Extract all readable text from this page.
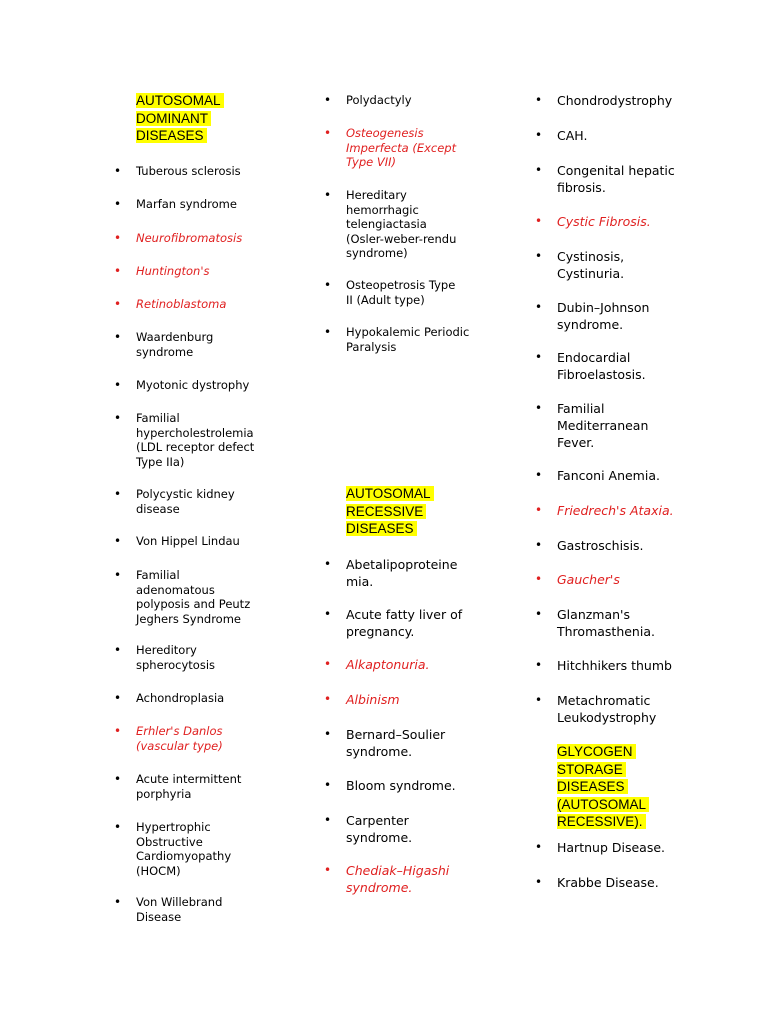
AUTOSOMAL
DOMINANT
DISEASES
• Tuberous sclerosis
• Marfan syndrome
• Neurofibromatosis
• Huntington's
• Retinoblastoma
• Waardenburg
syndrome
• Myotonic dystrophy
• Familial
hypercholestrolemia
(LDL receptor defect
Type IIa)
• Polycystic kidney
disease
• Von Hippel Lindau
• Familial
adenomatous
polyposis and Peutz
Jeghers Syndrome
• Hereditory
spherocytosis
• Achondroplasia
• Erhler's Danlos
(vascular type)
• Acute intermittent
porphyria
• Hypertrophic
Obstructive
Cardiomyopathy
(HOCM)
• Von Willebrand
Disease
• Polydactyly
• Osteogenesis
Imperfecta (Except
Type VII)
• Hereditary
hemorrhagic
telengiactasia
(Osler-weber-rendu
syndrome)
• Osteopetrosis Type
II (Adult type)
• Hypokalemic Periodic
Paralysis
AUTOSOMAL
RECESSIVE
DISEASES
• Abetalipoproteine
mia.
• Acute fatty liver of
pregnancy.
• Alkaptonuria.
• Albinism
• Bernard–Soulier
syndrome.
• Bloom syndrome.
• Carpenter
syndrome.
• Chediak–Higashi
syndrome.
• Chondrodystrophy
• CAH.
• Congenital hepatic
fibrosis.
• Cystic Fibrosis.
• Cystinosis,
Cystinuria.
• Dubin–Johnson
syndrome.
• Endocardial
Fibroelastosis.
• Familial
Mediterranean
Fever.
• Fanconi Anemia.
• Friedrech's Ataxia.
• Gastroschisis.
• Gaucher's
• Glanzman's
Thromasthenia.
• Hitchhikers thumb
• Metachromatic
Leukodystrophy
GLYCOGEN
STORAGE
DISEASES
(AUTOSOMAL
RECESSIVE).
• Hartnup Disease.
• Krabbe Disease.
